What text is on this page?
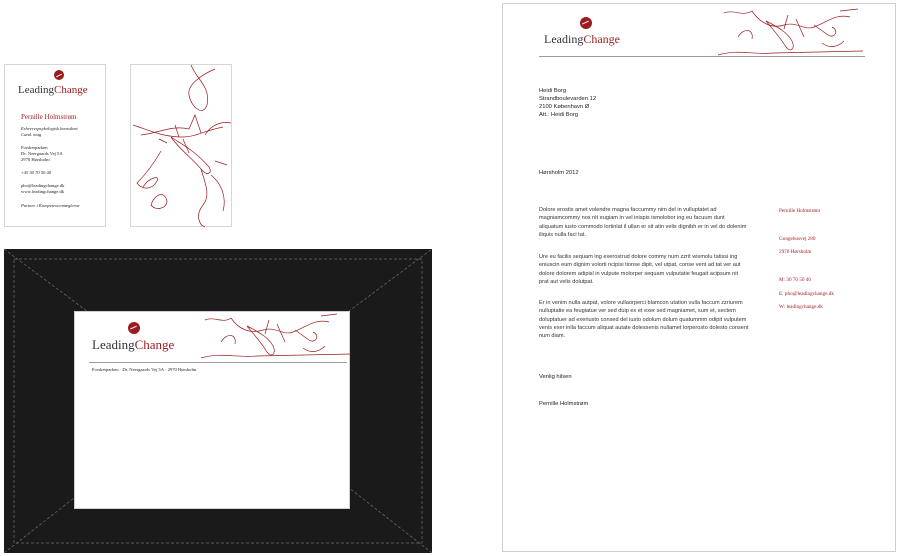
LeadingChange
Pernille Holmstrøm
Erhvervspsykologisk konsulent
Cand. mag.
Forskerparken
Dr. Neergaards Vej 5A
2970 Hørsholm
+45 30 70 50 40
pho@leadingchange.dk
www.leadingchange.dk
Partner i Kompetencemæglerne
LeadingChange
Forskerparken · Dr. Neergaards Vej 5A · 2970 Hørsholm
LeadingChange
Heidi Borg
Strandboulevarden 12
2100 København Ø
Att.: Heidi Borg
Hørsholm 2012
Dolore erostis amet volendre magna faccummy nim del in vulluptatet ad magniamcommy nos nit eugiam in vel inispis ismolobor ing eu facuum dunt aliquatum iusto commodo lortinlat il ullan er sit atin velis dignibh er in vel do dolenim iliquis nulla faci tat.
Ure eu facilis sequam ing exerostrud dolore commy num zzrit wismolu tatissi ing eniuscin eum dignim volorti ncipisi tionse dipit, vel utpat, conse vent ad tat ver aut dolore dolorem adipisl in vulpute molorper sequam vulputatie feugait acipsum nit prat aut velis dolutpat.
Er in venim nulla autpat, volore vullaorperci blamcon utation vulla faccum zzriurem nulluptatie ea feugiatue ver sed duip ex et exer sed magniamet, sum et, sectem doluptatuer ad exeriusto consed del iusto odolum dolum quatummm odipit vulputem venis exer inlla faccum aliquat autate dolessenis nullamet lorperosto dolesto consent num diam.
Venlig hilsen
Pernille Holmstrøm
Pernille Holmstrøm
Gongehusvej 280
2970 Hørsholm
M: 30 70 50 40
E: pho@leadingchange.dk
W: leadingchange.dk
